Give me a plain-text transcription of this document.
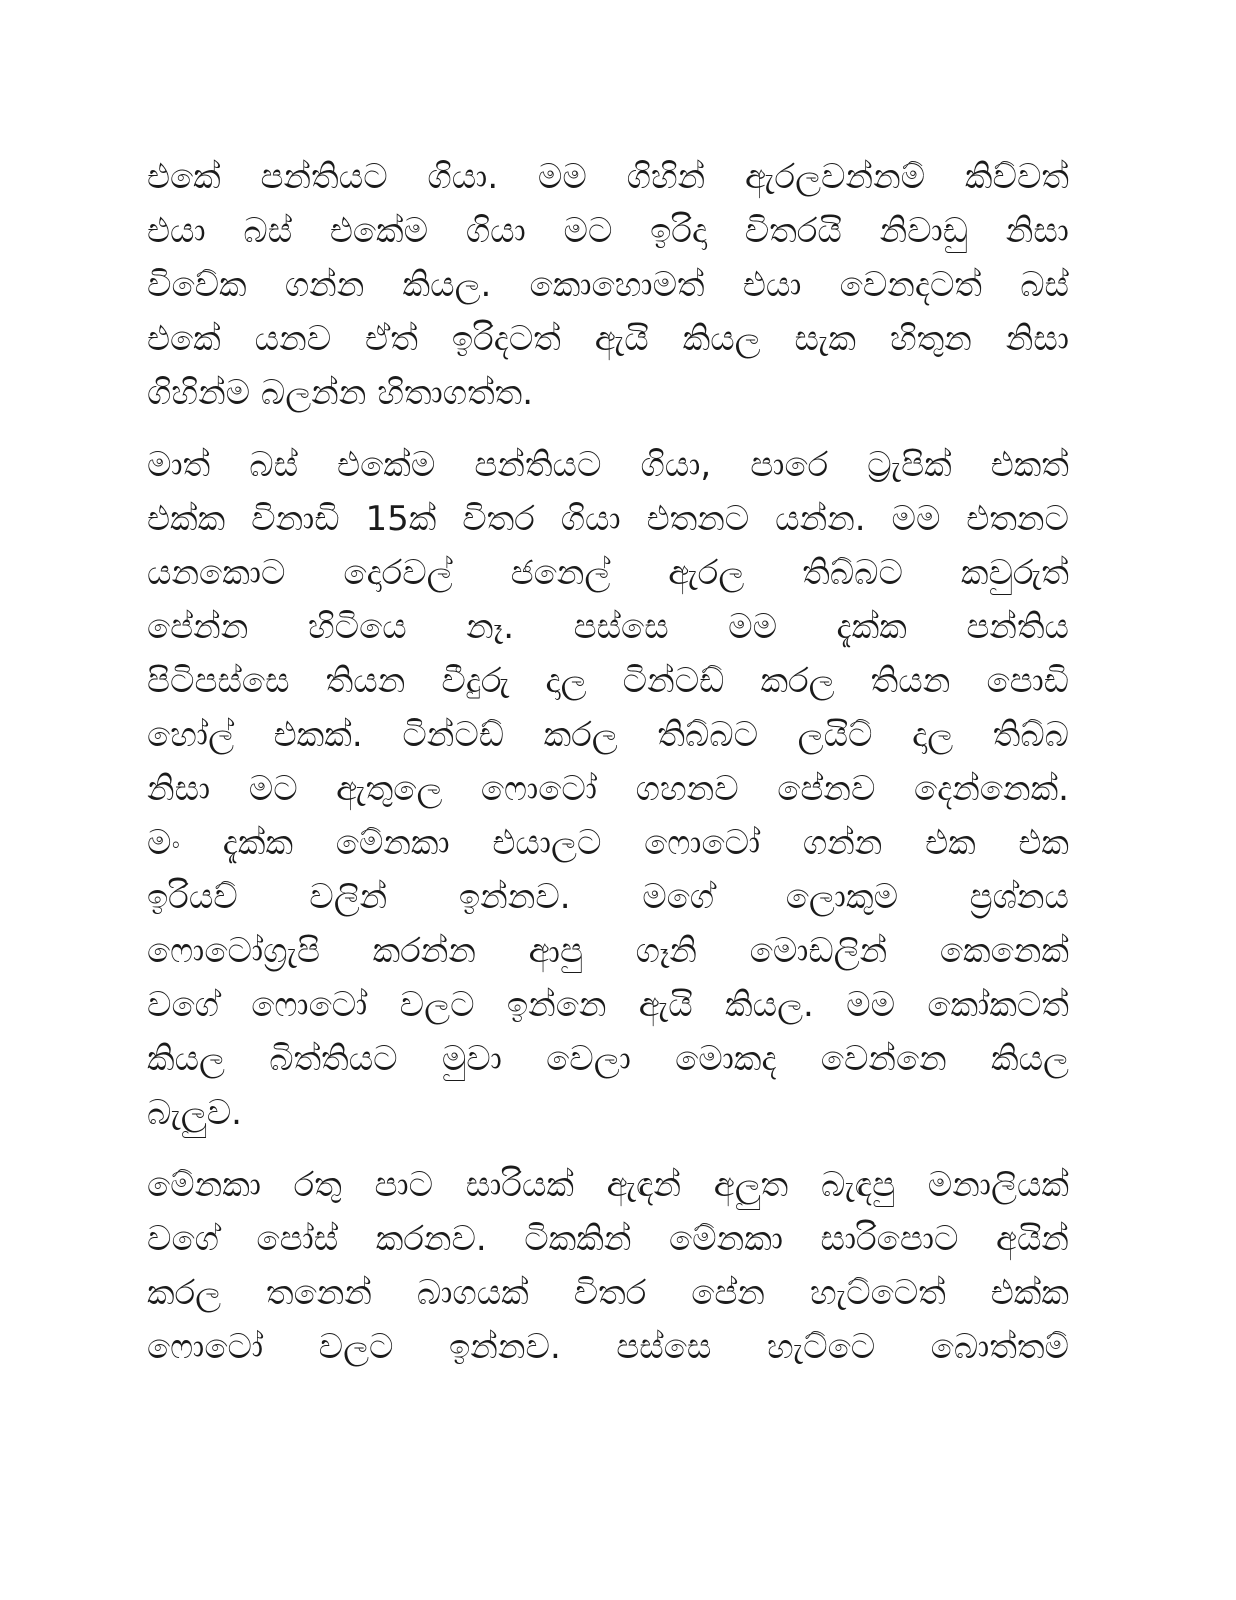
එකේ පන්තියට ගියා. මම ගිහින් ඇරලවන්නම් කිව්වත්
එයා බස් එකේම ගියා මට ඉරිදා විතරයි නිවාඩු නිසා
විවේක ගන්න කියල. කොහොමත් එයා වෙනදටත් බස්
එකේ යනව ඒත් ඉරිදටත් ඇයි කියල සැක හිතුන නිසා
ගිහින්ම බලන්න හිතාගත්ත.

මාත් බස් එකේම පන්තියට ගියා, පාරෙ ට්‍රැපික් එකත්
එක්ක විනාඩි 15ක් විතර ගියා එතනට යන්න. මම එතනට
යනකොට දොරවල් ජනෙල් ඇරල තිබ්බට කවුරුත්
පේන්න හිටියෙ නෑ. පස්සෙ මම දැක්ක පන්තිය
පිටිපස්සෙ තියන වීදුරු දාල ටින්ටඩ් කරල තියන පොඩි
හෝල් එකක්. ටින්ටඩ් කරල තිබ්බට ලයිට් දාල තිබ්බ
නිසා මට ඇතුලෙ ෆොටෝ ගහනව පේනව දෙන්නෙක්.
මං දැක්ක මේනකා එයාලට ෆොටෝ ගන්න එක එක
ඉරියව් වලින් ඉන්නව. මගේ ලොකුම ප්‍රශ්නය
ෆොටෝග්‍රැපි කරන්න ආපු ගෑනි මොඩලින් කෙනෙක්
වගේ ෆොටෝ වලට ඉන්නෙ ඇයි කියල. මම කෝකටත්
කියල බිත්තියට මුවා වෙලා මොකද වෙන්නෙ කියල
බැලුව.

මේනකා රතු පාට සාරියක් ඇඳන් අලුත බැඳපු මනාලියක්
වගේ පෝස් කරනව. ටිකකින් මේනකා සාරිපොට අයින්
කරල තනෙන් බාගයක් විතර පේන හැට්ටෙත් එක්ක
ෆොටෝ වලට ඉන්නව. පස්සෙ හැට්ටෙ බොත්තම්
